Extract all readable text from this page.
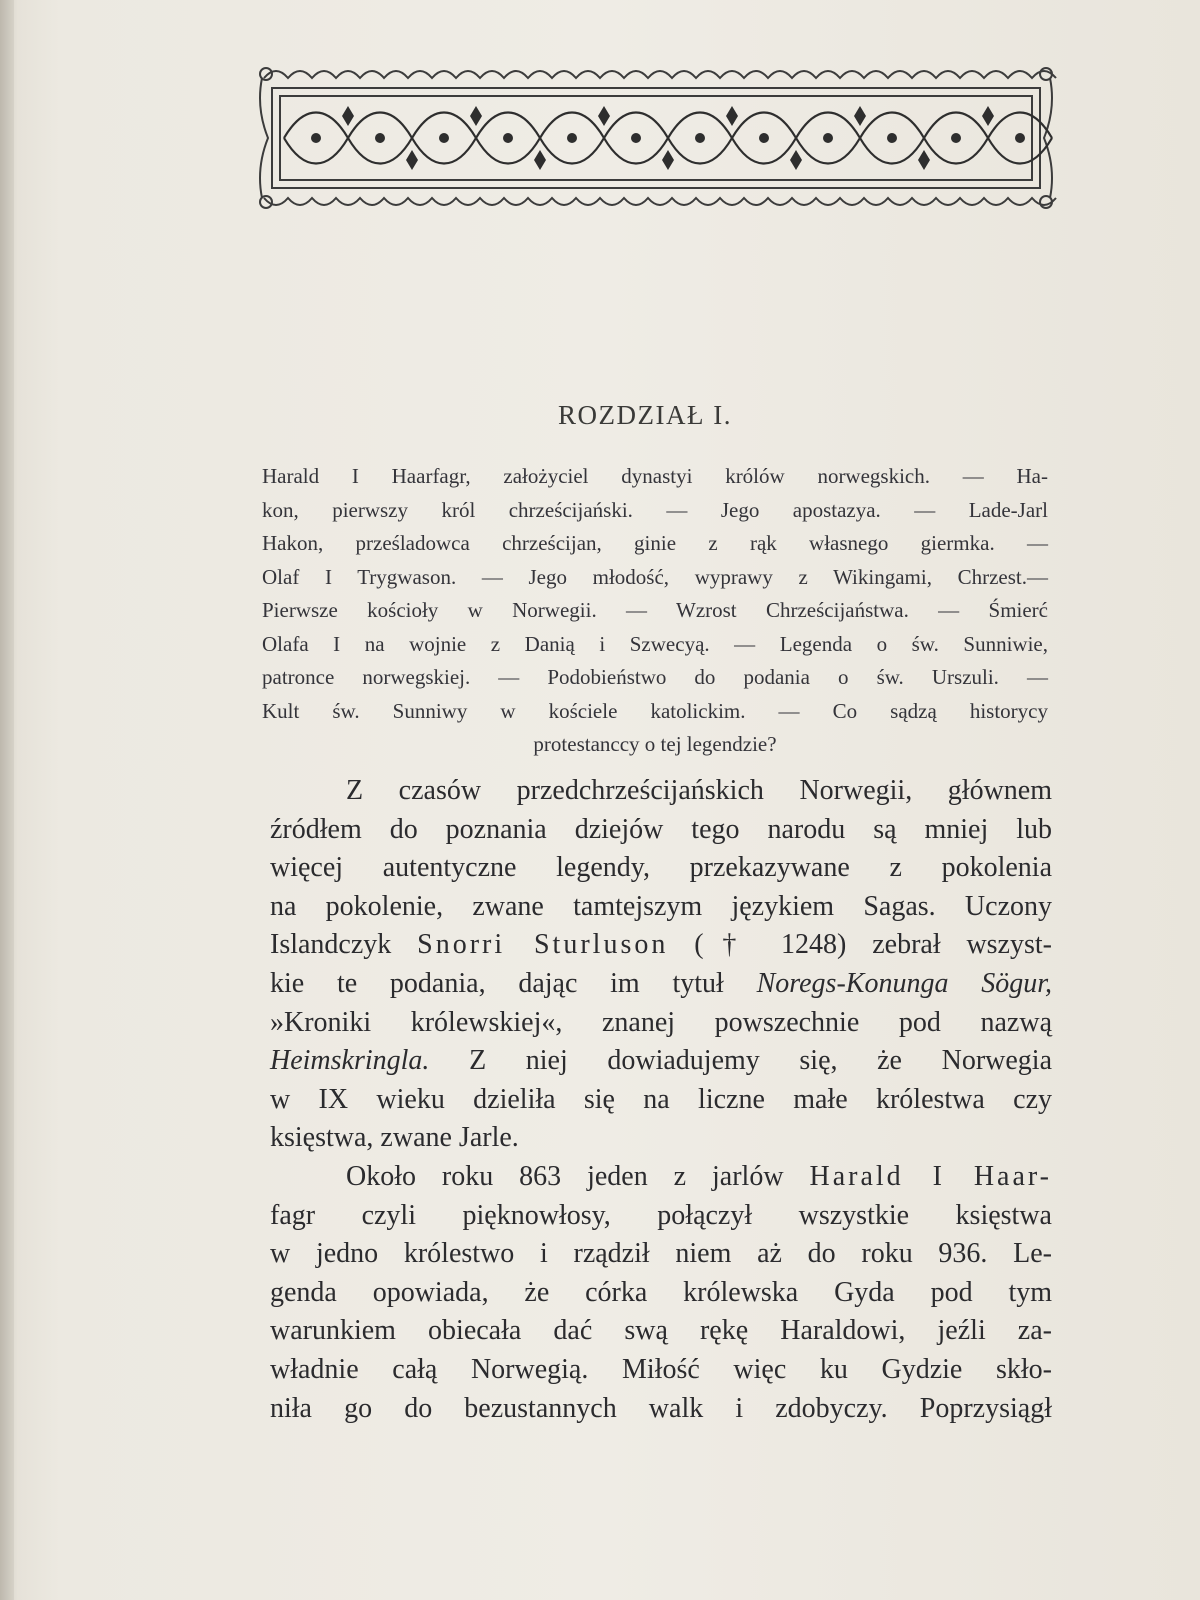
ROZDZIAŁ I.
Harald I Haarfagr, założyciel dynastyi królów norwegskich. — Ha-
kon, pierwszy król chrześcijański. — Jego apostazya. — Lade-Jarl
Hakon, prześladowca chrześcijan, ginie z rąk własnego giermka. —
Olaf I Trygwason. — Jego młodość, wyprawy z Wikingami, Chrzest.—
Pierwsze kościoły w Norwegii. — Wzrost Chrześcijaństwa. — Śmierć
Olafa I na wojnie z Danią i Szwecyą. — Legenda o św. Sunniwie,
patronce norwegskiej. — Podobieństwo do podania o św. Urszuli. —
Kult św. Sunniwy w kościele katolickim. — Co sądzą historycy
protestanccy o tej legendzie?
Z czasów przedchrześcijańskich Norwegii, głównem
źródłem do poznania dziejów tego narodu są mniej lub
więcej autentyczne legendy, przekazywane z pokolenia
na pokolenie, zwane tamtejszym językiem Sagas. Uczony
Islandczyk Snorri Sturluson († 1248) zebrał wszyst-
kie te podania, dając im tytuł Noregs-Konunga Sögur,
»Kroniki królewskiej«, znanej powszechnie pod nazwą
Heimskringla. Z niej dowiadujemy się, że Norwegia
w IX wieku dzieliła się na liczne małe królestwa czy
księstwa, zwane Jarle.
Około roku 863 jeden z jarlów Harald I Haar-
fagr czyli pięknowłosy, połączył wszystkie księstwa
w jedno królestwo i rządził niem aż do roku 936. Le-
genda opowiada, że córka królewska Gyda pod tym
warunkiem obiecała dać swą rękę Haraldowi, jeźli za-
władnie całą Norwegią. Miłość więc ku Gydzie skło-
niła go do bezustannych walk i zdobyczy. Poprzysiągł
